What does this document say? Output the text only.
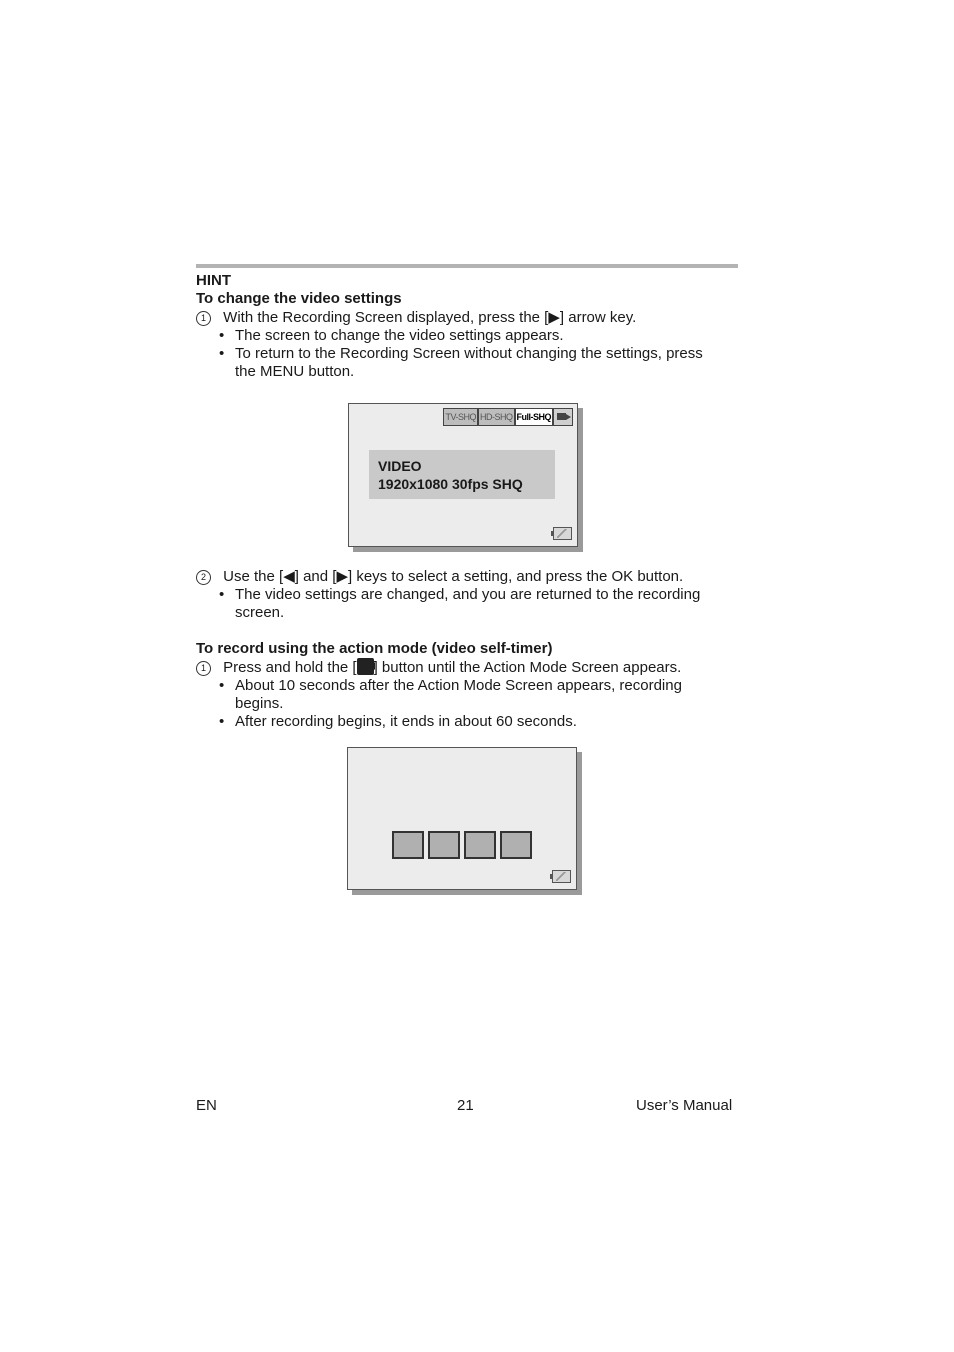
HINT
To change the video settings
1 With the Recording Screen displayed, press the [▶] arrow key.
• The screen to change the video settings appears.
• To return to the Recording Screen without changing the settings, press
the MENU button.
TV-SHQ HD-SHQ Full-SHQ
VIDEO
1920x1080 30fps SHQ
2 Use the [◀] and [▶] keys to select a setting, and press the OK button.
• The video settings are changed, and you are returned to the recording
screen.
To record using the action mode (video self-timer)
1 Press and hold the [ ] button until the Action Mode Screen appears.
• About 10 seconds after the Action Mode Screen appears, recording
begins.
• After recording begins, it ends in about 60 seconds.
EN	21	User’s Manual
